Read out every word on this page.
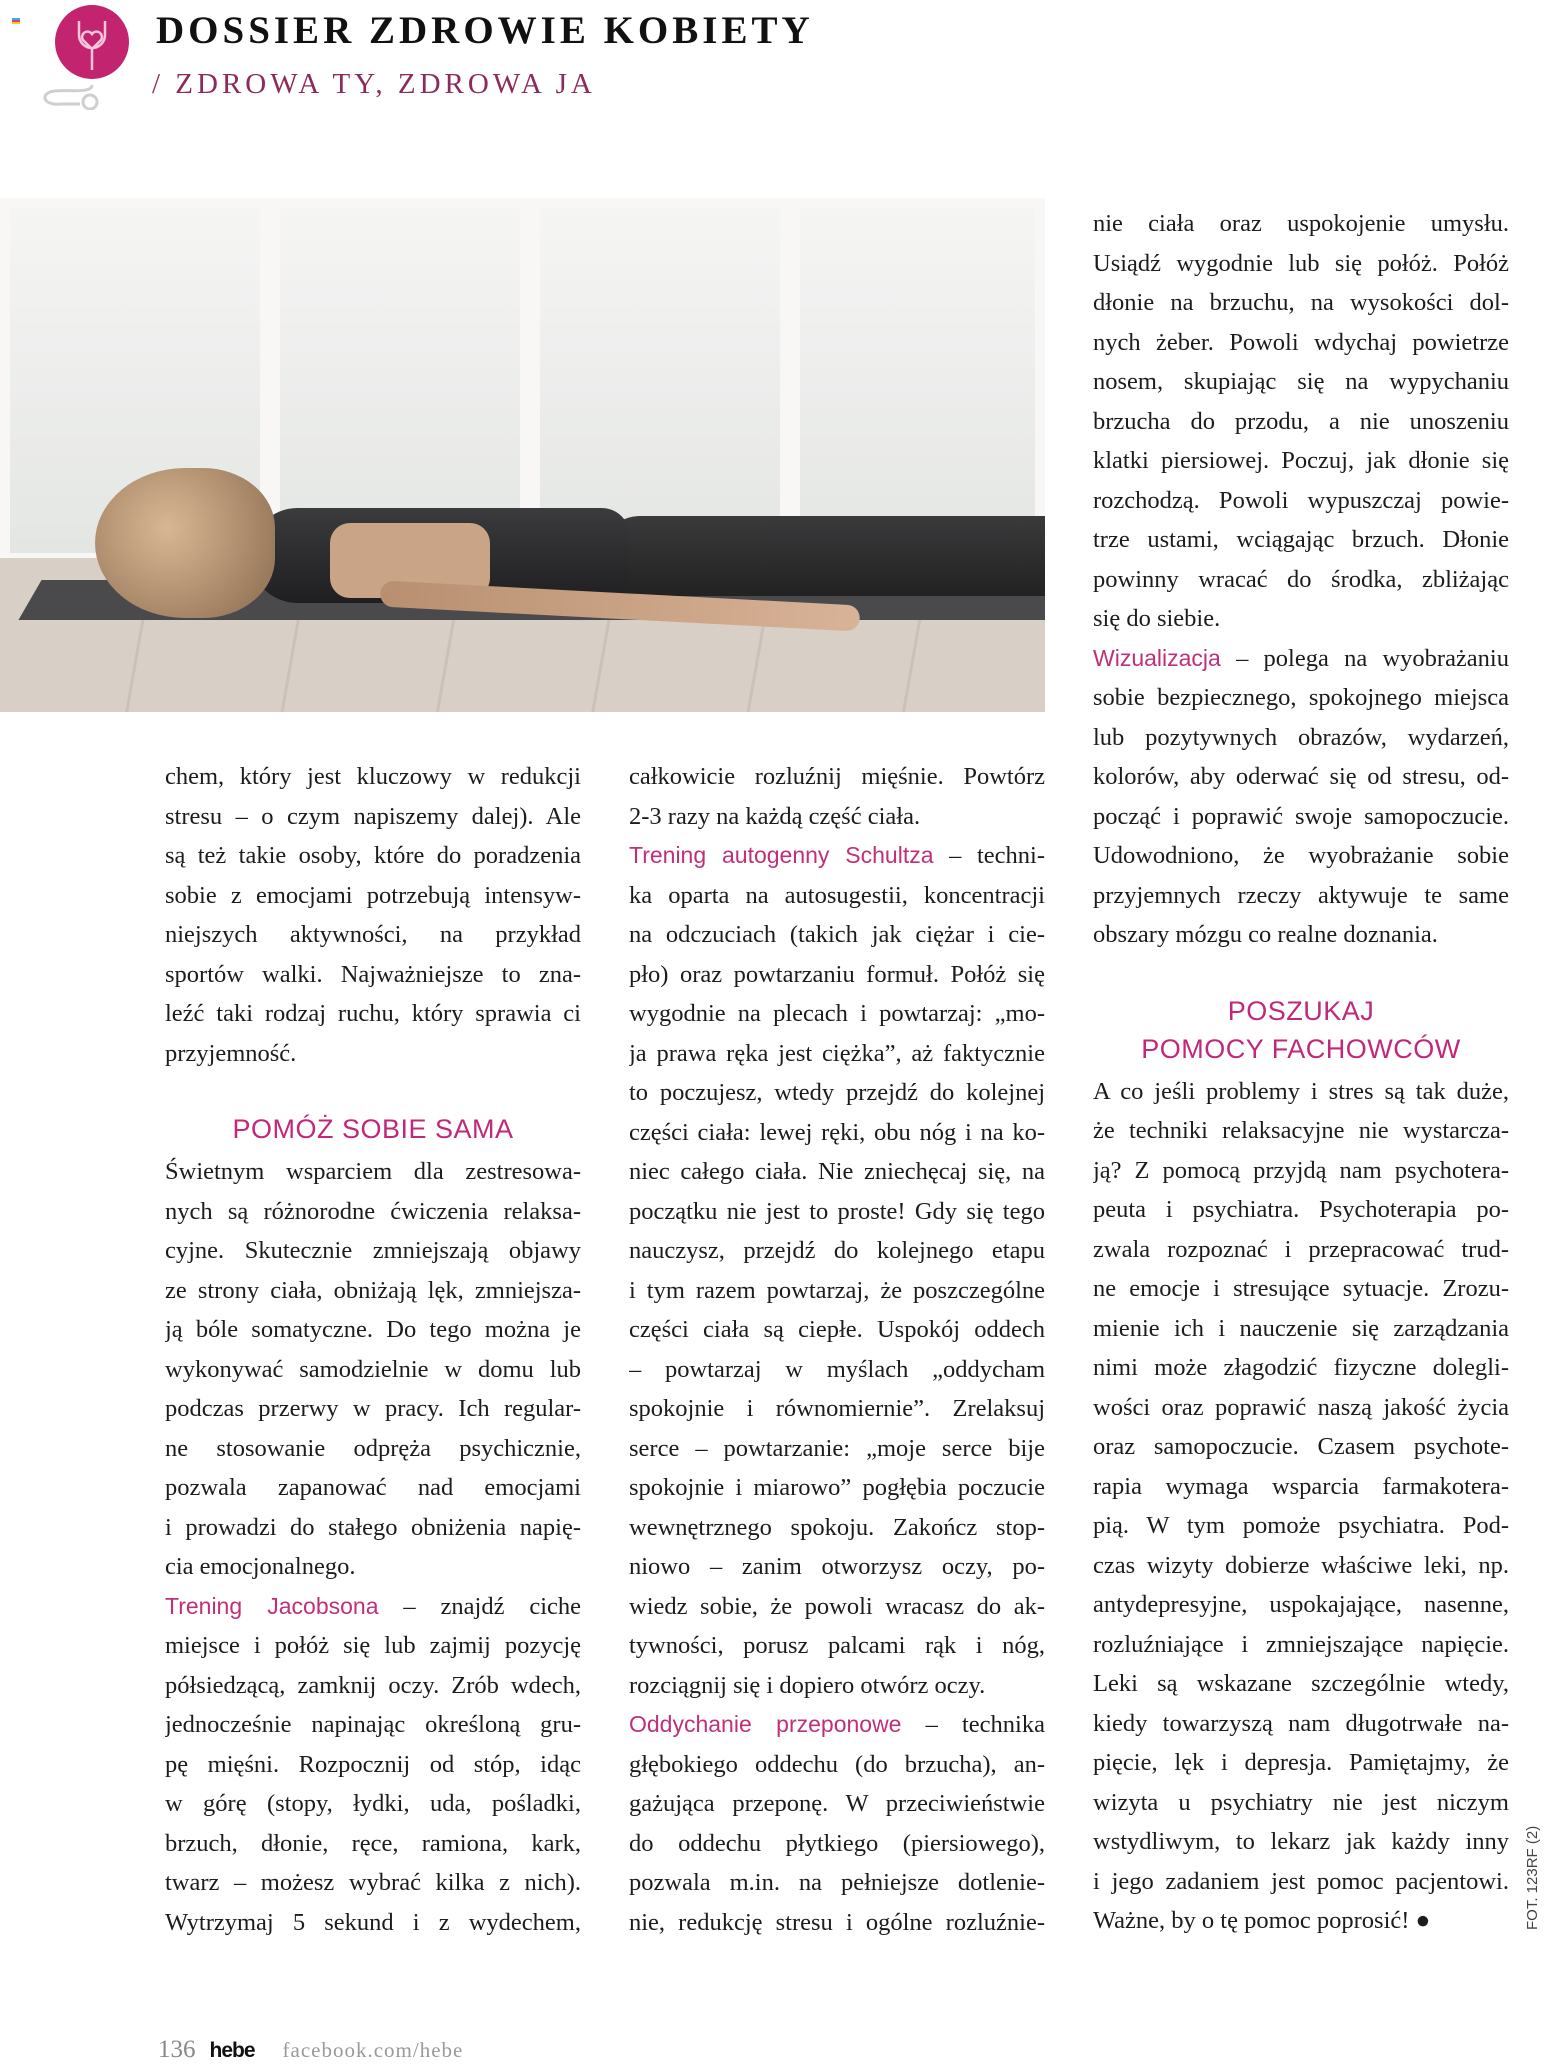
DOSSIER ZDROWIE KOBIETY
/ ZDROWA TY, ZDROWA JA
chem, który jest kluczowy w redukcji
stresu – o czym napiszemy dalej). Ale
są też takie osoby, które do poradzenia
sobie z emocjami potrzebują intensyw-
niejszych aktywności, na przykład
sportów walki. Najważniejsze to zna-
leźć taki rodzaj ruchu, który sprawia ci
przyjemność.
POMÓŻ SOBIE SAMA
Świetnym wsparciem dla zestresowa-
nych są różnorodne ćwiczenia relaksa-
cyjne. Skutecznie zmniejszają objawy
ze strony ciała, obniżają lęk, zmniejsza-
ją bóle somatyczne. Do tego można je
wykonywać samodzielnie w domu lub
podczas przerwy w pracy. Ich regular-
ne stosowanie odpręża psychicznie,
pozwala zapanować nad emocjami
i prowadzi do stałego obniżenia napię-
cia emocjonalnego.
Trening Jacobsona – znajdź ciche
miejsce i połóż się lub zajmij pozycję
półsiedzącą, zamknij oczy. Zrób wdech,
jednocześnie napinając określoną gru-
pę mięśni. Rozpocznij od stóp, idąc
w górę (stopy, łydki, uda, pośladki,
brzuch, dłonie, ręce, ramiona, kark,
twarz – możesz wybrać kilka z nich).
Wytrzymaj 5 sekund i z wydechem,
całkowicie rozluźnij mięśnie. Powtórz
2-3 razy na każdą część ciała.
Trening autogenny Schultza – techni-
ka oparta na autosugestii, koncentracji
na odczuciach (takich jak ciężar i cie-
pło) oraz powtarzaniu formuł. Połóż się
wygodnie na plecach i powtarzaj: „mo-
ja prawa ręka jest ciężka”, aż faktycznie
to poczujesz, wtedy przejdź do kolejnej
części ciała: lewej ręki, obu nóg i na ko-
niec całego ciała. Nie zniechęcaj się, na
początku nie jest to proste! Gdy się tego
nauczysz, przejdź do kolejnego etapu
i tym razem powtarzaj, że poszczególne
części ciała są ciepłe. Uspokój oddech
– powtarzaj w myślach „oddycham
spokojnie i równomiernie”. Zrelaksuj
serce – powtarzanie: „moje serce bije
spokojnie i miarowo” pogłębia poczucie
wewnętrznego spokoju. Zakończ stop-
niowo – zanim otworzysz oczy, po-
wiedz sobie, że powoli wracasz do ak-
tywności, porusz palcami rąk i nóg,
rozciągnij się i dopiero otwórz oczy.
Oddychanie przeponowe – technika
głębokiego oddechu (do brzucha), an-
gażująca przeponę. W przeciwieństwie
do oddechu płytkiego (piersiowego),
pozwala m.in. na pełniejsze dotlenie-
nie, redukcję stresu i ogólne rozluźnie-
nie ciała oraz uspokojenie umysłu.
Usiądź wygodnie lub się połóż. Połóż
dłonie na brzuchu, na wysokości dol-
nych żeber. Powoli wdychaj powietrze
nosem, skupiając się na wypychaniu
brzucha do przodu, a nie unoszeniu
klatki piersiowej. Poczuj, jak dłonie się
rozchodzą. Powoli wypuszczaj powie-
trze ustami, wciągając brzuch. Dłonie
powinny wracać do środka, zbliżając
się do siebie.
Wizualizacja – polega na wyobrażaniu
sobie bezpiecznego, spokojnego miejsca
lub pozytywnych obrazów, wydarzeń,
kolorów, aby oderwać się od stresu, od-
począć i poprawić swoje samopoczucie.
Udowodniono, że wyobrażanie sobie
przyjemnych rzeczy aktywuje te same
obszary mózgu co realne doznania.
POSZUKAJ
POMOCY FACHOWCÓW
A co jeśli problemy i stres są tak duże,
że techniki relaksacyjne nie wystarcza-
ją? Z pomocą przyjdą nam psychotera-
peuta i psychiatra. Psychoterapia po-
zwala rozpoznać i przepracować trud-
ne emocje i stresujące sytuacje. Zrozu-
mienie ich i nauczenie się zarządzania
nimi może złagodzić fizyczne dolegli-
wości oraz poprawić naszą jakość życia
oraz samopoczucie. Czasem psychote-
rapia wymaga wsparcia farmakotera-
pią. W tym pomoże psychiatra. Pod-
czas wizyty dobierze właściwe leki, np.
antydepresyjne, uspokajające, nasenne,
rozluźniające i zmniejszające napięcie.
Leki są wskazane szczególnie wtedy,
kiedy towarzyszą nam długotrwałe na-
pięcie, lęk i depresja. Pamiętajmy, że
wizyta u psychiatry nie jest niczym
wstydliwym, to lekarz jak każdy inny
i jego zadaniem jest pomoc pacjentowi.
Ważne, by o tę pomoc poprosić! ●
136 hebe facebook.com/hebe
FOT. 123RF (2)
